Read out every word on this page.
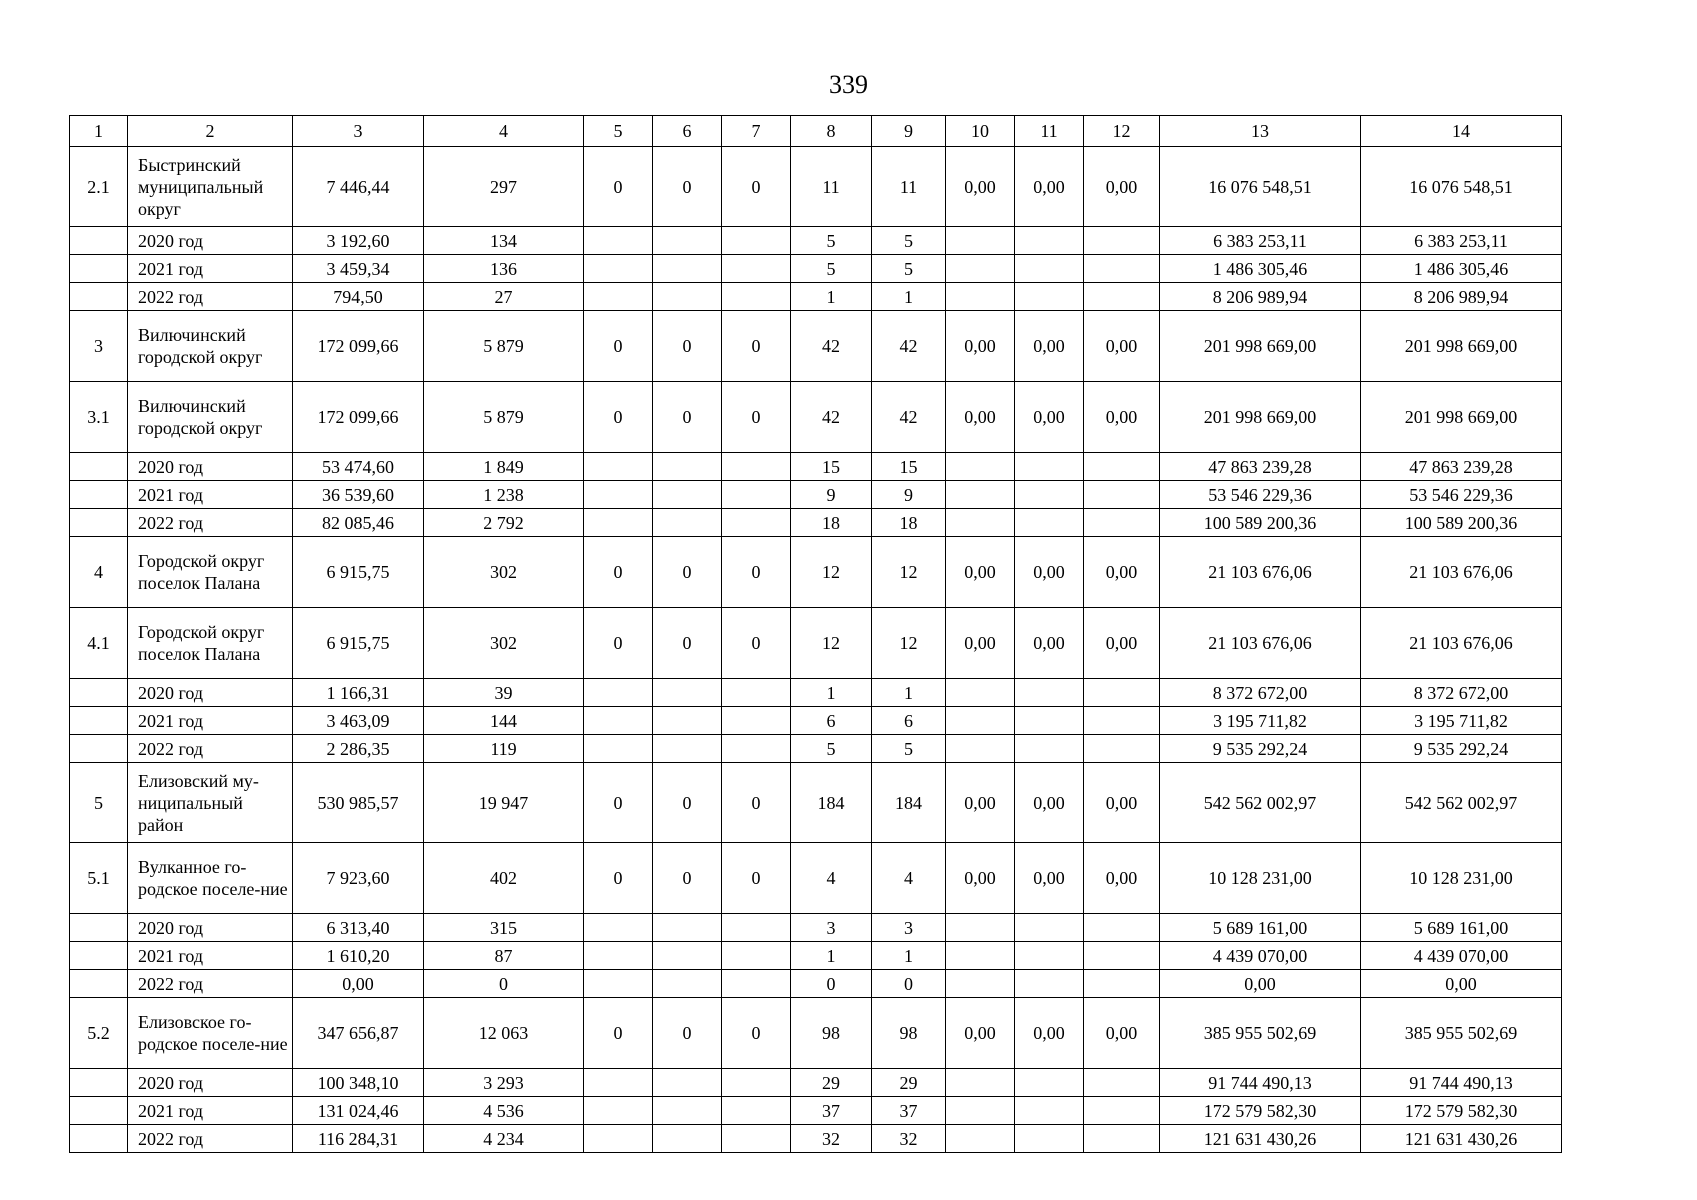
339
1	2	3	4	5	6	7	8	9	10	11	12	13	14
2.1	Быстринский муниципальный округ	7 446,44	297	0	0	0	11	11	0,00	0,00	0,00	16 076 548,51	16 076 548,51
	2020 год	3 192,60	134				5	5				6 383 253,11	6 383 253,11
	2021 год	3 459,34	136				5	5				1 486 305,46	1 486 305,46
	2022 год	794,50	27				1	1				8 206 989,94	8 206 989,94
3	Вилючинский городской округ	172 099,66	5 879	0	0	0	42	42	0,00	0,00	0,00	201 998 669,00	201 998 669,00
3.1	Вилючинский городской округ	172 099,66	5 879	0	0	0	42	42	0,00	0,00	0,00	201 998 669,00	201 998 669,00
	2020 год	53 474,60	1 849				15	15				47 863 239,28	47 863 239,28
	2021 год	36 539,60	1 238				9	9				53 546 229,36	53 546 229,36
	2022 год	82 085,46	2 792				18	18				100 589 200,36	100 589 200,36
4	Городской округ поселок Палана	6 915,75	302	0	0	0	12	12	0,00	0,00	0,00	21 103 676,06	21 103 676,06
4.1	Городской округ поселок Палана	6 915,75	302	0	0	0	12	12	0,00	0,00	0,00	21 103 676,06	21 103 676,06
	2020 год	1 166,31	39				1	1				8 372 672,00	8 372 672,00
	2021 год	3 463,09	144				6	6				3 195 711,82	3 195 711,82
	2022 год	2 286,35	119				5	5				9 535 292,24	9 535 292,24
5	Елизовский му-ниципальный район	530 985,57	19 947	0	0	0	184	184	0,00	0,00	0,00	542 562 002,97	542 562 002,97
5.1	Вулканное го-родское поселе-ние	7 923,60	402	0	0	0	4	4	0,00	0,00	0,00	10 128 231,00	10 128 231,00
	2020 год	6 313,40	315				3	3				5 689 161,00	5 689 161,00
	2021 год	1 610,20	87				1	1				4 439 070,00	4 439 070,00
	2022 год	0,00	0				0	0				0,00	0,00
5.2	Елизовское го-родское поселе-ние	347 656,87	12 063	0	0	0	98	98	0,00	0,00	0,00	385 955 502,69	385 955 502,69
	2020 год	100 348,10	3 293				29	29				91 744 490,13	91 744 490,13
	2021 год	131 024,46	4 536				37	37				172 579 582,30	172 579 582,30
	2022 год	116 284,31	4 234				32	32				121 631 430,26	121 631 430,26
